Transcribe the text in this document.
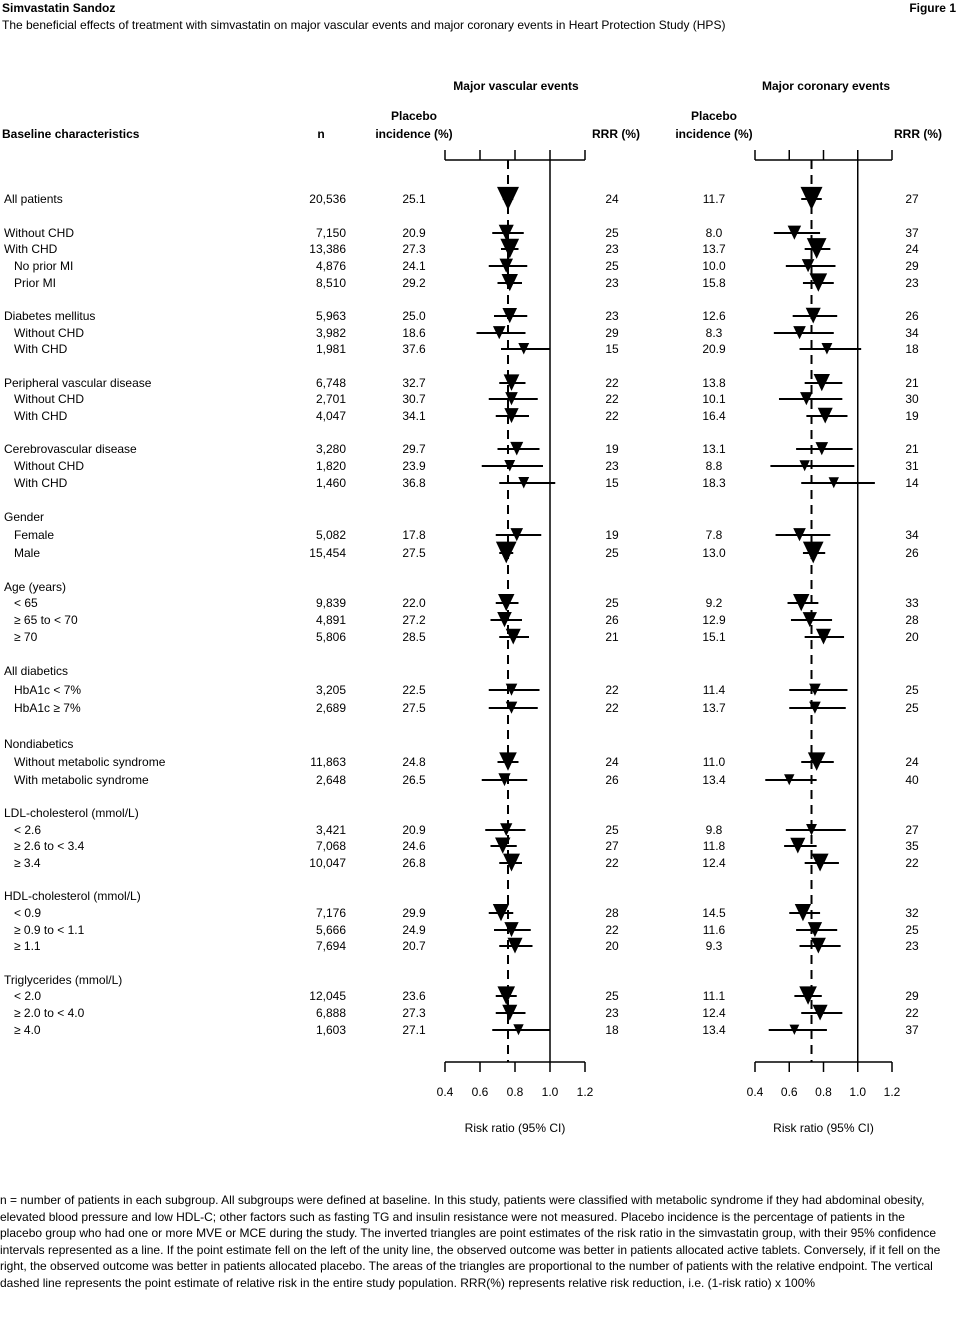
Simvastatin Sandoz	Figure 1
The beneficial effects of treatment with simvastatin on major vascular events and major coronary events in Heart Protection Study (HPS)
Baseline characteristics	n
Major vascular events
Placebo
incidence (%)	RRR (%)
Major coronary events
Placebo
incidence (%)	RRR (%)
0.4 0.6 0.8 1.0 1.2
Risk ratio (95% CI)
0.4 0.6 0.8 1.0 1.2
Risk ratio (95% CI)
All patients	20,536	25.1	24	11.7	27
Without CHD	7,150	20.9	25	8.0	37
With CHD	13,386	27.3	23	13.7	24
No prior MI	4,876	24.1	25	10.0	29
Prior MI	8,510	29.2	23	15.8	23
Diabetes mellitus	5,963	25.0	23	12.6	26
Without CHD	3,982	18.6	29	8.3	34
With CHD	1,981	37.6	15	20.9	18
Peripheral vascular disease	6,748	32.7	22	13.8	21
Without CHD	2,701	30.7	22	10.1	30
With CHD	4,047	34.1	22	16.4	19
Cerebrovascular disease	3,280	29.7	19	13.1	21
Without CHD	1,820	23.9	23	8.8	31
With CHD	1,460	36.8	15	18.3	14
Gender
Female	5,082	17.8	19	7.8	34
Male	15,454	27.5	25	13.0	26
Age (years)
< 65	9,839	22.0	25	9.2	33
≥ 65 to < 70	4,891	27.2	26	12.9	28
≥ 70	5,806	28.5	21	15.1	20
All diabetics
HbA1c < 7%	3,205	22.5	22	11.4	25
HbA1c ≥ 7%	2,689	27.5	22	13.7	25
Nondiabetics
Without metabolic syndrome	11,863	24.8	24	11.0	24
With metabolic syndrome	2,648	26.5	26	13.4	40
LDL-cholesterol (mmol/L)
< 2.6	3,421	20.9	25	9.8	27
≥ 2.6 to < 3.4	7,068	24.6	27	11.8	35
≥ 3.4	10,047	26.8	22	12.4	22
HDL-cholesterol (mmol/L)
< 0.9	7,176	29.9	28	14.5	32
≥ 0.9 to < 1.1	5,666	24.9	22	11.6	25
≥ 1.1	7,694	20.7	20	9.3	23
Triglycerides (mmol/L)
< 2.0	12,045	23.6	25	11.1	29
≥ 2.0 to < 4.0	6,888	27.3	23	12.4	22
≥ 4.0	1,603	27.1	18	13.4	37
n = number of patients in each subgroup. All subgroups were defined at baseline. In this study, patients were classified with metabolic syndrome if they had abdominal obesity, elevated blood pressure and low HDL-C; other factors such as fasting TG and insulin resistance were not measured. Placebo incidence is the percentage of patients in the placebo group who had one or more MVE or MCE during the study. The inverted triangles are point estimates of the risk ratio in the simvastatin group, with their 95% confidence intervals represented as a line. If the point estimate fell on the left of the unity line, the observed outcome was better in patients allocated active tablets. Conversely, if it fell on the right, the observed outcome was better in patients allocated placebo. The areas of the triangles are proportional to the number of patients with the relative endpoint. The vertical dashed line represents the point estimate of relative risk in the entire study population. RRR(%) represents relative risk reduction, i.e. (1-risk ratio) x 100%
